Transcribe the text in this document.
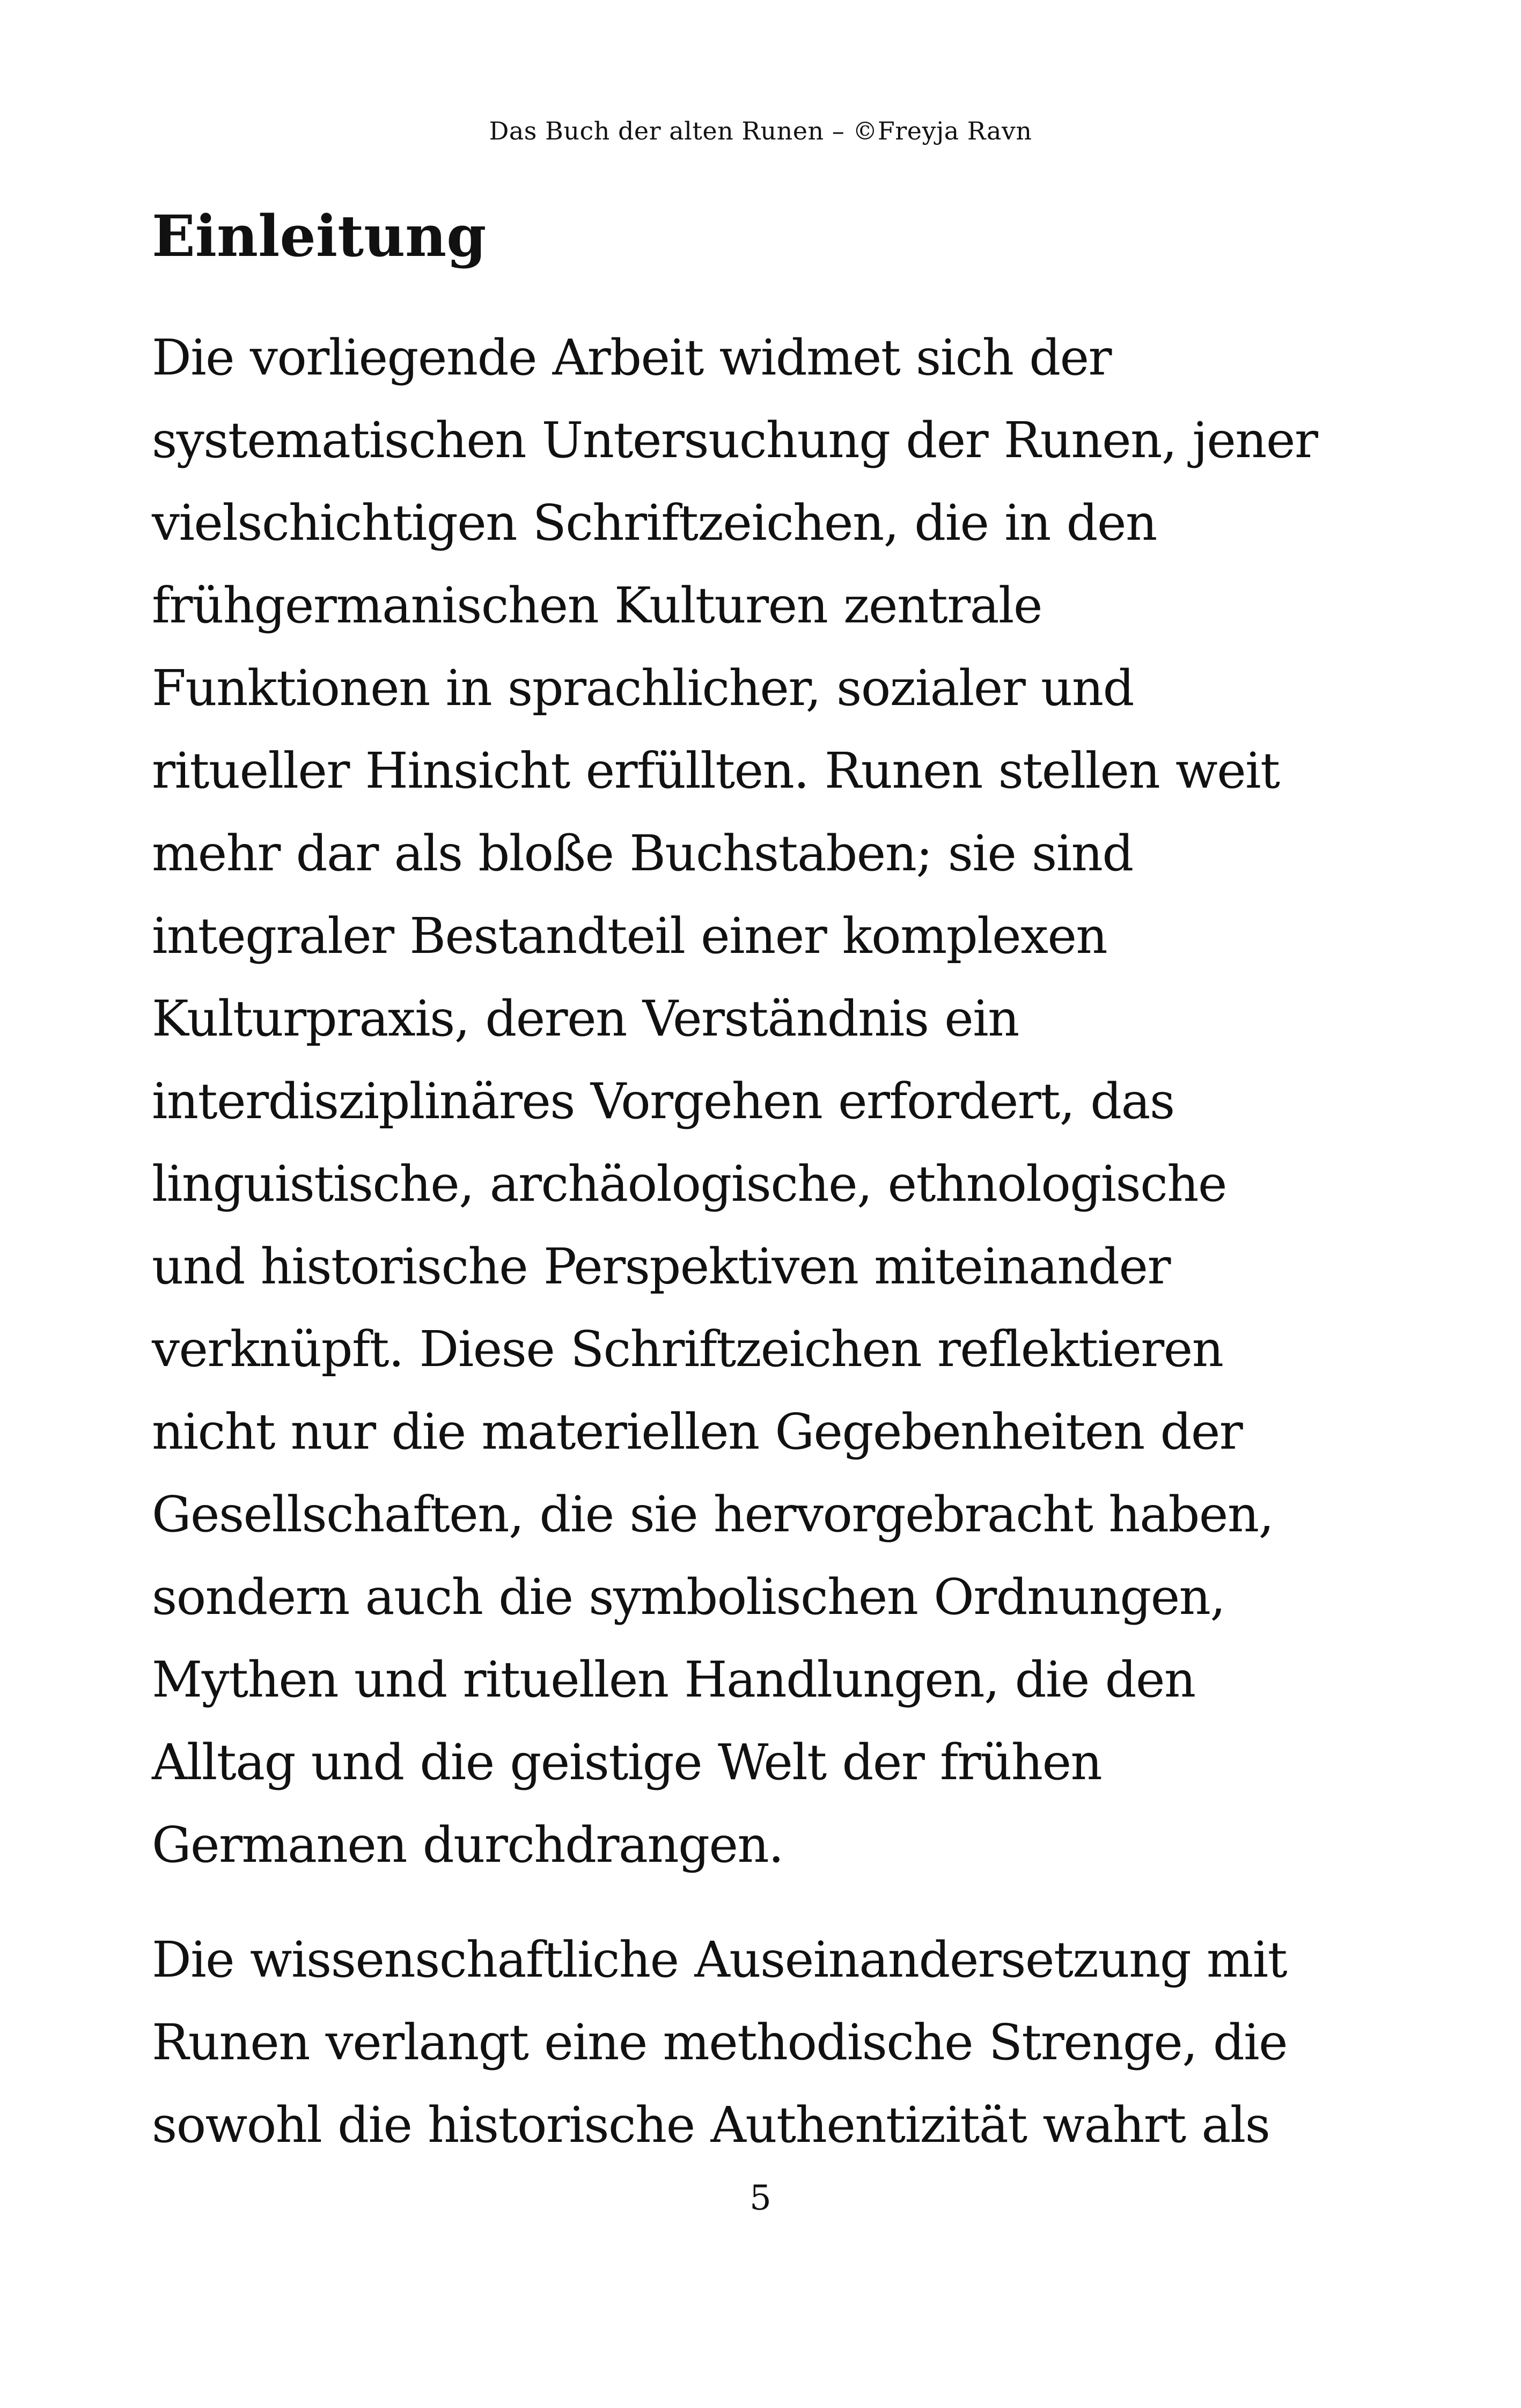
Das Buch der alten Runen – ©Freyja Ravn
Einleitung

Die vorliegende Arbeit widmet sich der
systematischen Untersuchung der Runen, jener
vielschichtigen Schriftzeichen, die in den
frühgermanischen Kulturen zentrale
Funktionen in sprachlicher, sozialer und
ritueller Hinsicht erfüllten. Runen stellen weit
mehr dar als bloße Buchstaben; sie sind
integraler Bestandteil einer komplexen
Kulturpraxis, deren Verständnis ein
interdisziplinäres Vorgehen erfordert, das
linguistische, archäologische, ethnologische
und historische Perspektiven miteinander
verknüpft. Diese Schriftzeichen reflektieren
nicht nur die materiellen Gegebenheiten der
Gesellschaften, die sie hervorgebracht haben,
sondern auch die symbolischen Ordnungen,
Mythen und rituellen Handlungen, die den
Alltag und die geistige Welt der frühen
Germanen durchdrangen.

Die wissenschaftliche Auseinandersetzung mit
Runen verlangt eine methodische Strenge, die
sowohl die historische Authentizität wahrt als

5
